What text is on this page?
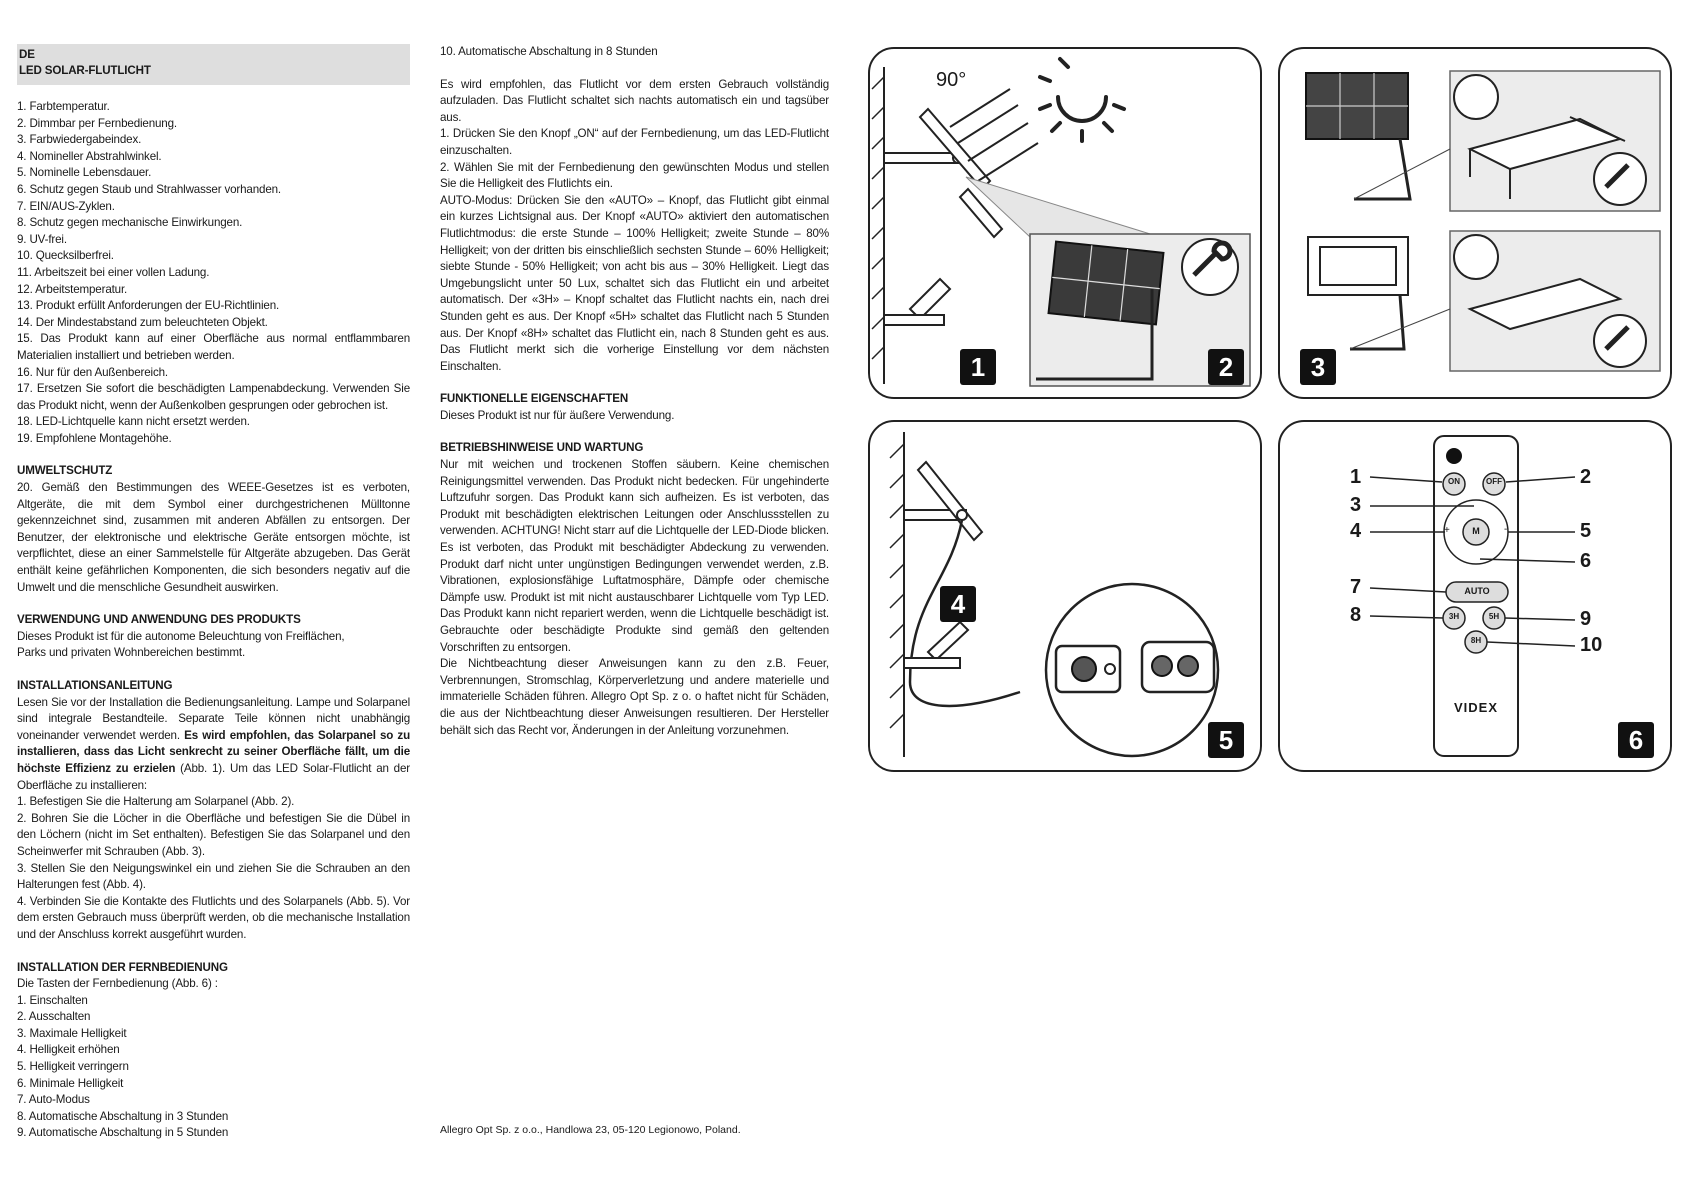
DE
LED SOLAR-FLUTLICHT
1. Farbtemperatur.
2. Dimmbar per Fernbedienung.
3. Farbwiedergabeindex.
4. Nomineller Abstrahlwinkel.
5. Nominelle Lebensdauer.
6. Schutz gegen Staub und Strahlwasser vorhanden.
7. EIN/AUS-Zyklen.
8. Schutz gegen mechanische Einwirkungen.
9. UV-frei.
10. Quecksilberfrei.
11. Arbeitszeit bei einer vollen Ladung.
12. Arbeitstemperatur.
13. Produkt erfüllt Anforderungen der EU-Richtlinien.
14. Der Mindestabstand zum beleuchteten Objekt.
15. Das Produkt kann auf einer Oberfläche aus normal entflammbaren Materialien installiert und betrieben werden.
16. Nur für den Außenbereich.
17. Ersetzen Sie sofort die beschädigten Lampenabdeckung. Verwenden Sie das Produkt nicht, wenn der Außenkolben gesprungen oder gebrochen ist.
18. LED-Lichtquelle kann nicht ersetzt werden.
19. Empfohlene Montagehöhe.
UMWELTSCHUTZ
20. Gemäß den Bestimmungen des WEEE-Gesetzes ist es verboten, Altgeräte, die mit dem Symbol einer durchgestrichenen Mülltonne gekennzeichnet sind, zusammen mit anderen Abfällen zu entsorgen. Der Benutzer, der elektronische und elektrische Geräte entsorgen möchte, ist verpflichtet, diese an einer Sammelstelle für Altgeräte abzugeben. Das Gerät enthält keine gefährlichen Komponenten, die sich besonders negativ auf die Umwelt und die menschliche Gesundheit auswirken.
VERWENDUNG UND ANWENDUNG DES PRODUKTS
Dieses Produkt ist für die autonome Beleuchtung von Freiflächen,
Parks und privaten Wohnbereichen bestimmt.
INSTALLATIONSANLEITUNG
Lesen Sie vor der Installation die Bedienungsanleitung. Lampe und Solarpanel sind integrale Bestandteile. Separate Teile können nicht unabhängig voneinander verwendet werden. Es wird empfohlen, das Solarpanel so zu installieren, dass das Licht senkrecht zu seiner Oberfläche fällt, um die höchste Effizienz zu erzielen (Abb. 1). Um das LED Solar-Flutlicht an der Oberfläche zu installieren:
1. Befestigen Sie die Halterung am Solarpanel (Abb. 2).
2. Bohren Sie die Löcher in die Oberfläche und befestigen Sie die Dübel in den Löchern (nicht im Set enthalten). Befestigen Sie das Solarpanel und den Scheinwerfer mit Schrauben (Abb. 3).
3. Stellen Sie den Neigungswinkel ein und ziehen Sie die Schrauben an den Halterungen fest (Abb. 4).
4. Verbinden Sie die Kontakte des Flutlichts und des Solarpanels (Abb. 5). Vor dem ersten Gebrauch muss überprüft werden, ob die mechanische Installation und der Anschluss korrekt ausgeführt wurden.
INSTALLATION DER FERNBEDIENUNG
Die Tasten der Fernbedienung (Abb. 6) :
1. Einschalten
2. Ausschalten
3. Maximale Helligkeit
4. Helligkeit erhöhen
5. Helligkeit verringern
6. Minimale Helligkeit
7. Auto-Modus
8. Automatische Abschaltung in 3 Stunden
9. Automatische Abschaltung in 5 Stunden
10. Automatische Abschaltung in 8 Stunden
Es wird empfohlen, das Flutlicht vor dem ersten Gebrauch vollständig aufzuladen. Das Flutlicht schaltet sich nachts automatisch ein und tagsüber aus.
1. Drücken Sie den Knopf „ON“ auf der Fernbedienung, um das LED-Flutlicht einzuschalten.
2. Wählen Sie mit der Fernbedienung den gewünschten Modus und stellen Sie die Helligkeit des Flutlichts ein.
AUTO-Modus: Drücken Sie den «AUTO» – Knopf, das Flutlicht gibt einmal ein kurzes Lichtsignal aus. Der Knopf «AUTO» aktiviert den automatischen Flutlichtmodus: die erste Stunde – 100% Helligkeit; zweite Stunde – 80% Helligkeit; von der dritten bis einschließlich sechsten Stunde – 60% Helligkeit; siebte Stunde - 50% Helligkeit; von acht bis aus – 30% Helligkeit. Liegt das Umgebungslicht unter 50 Lux, schaltet sich das Flutlicht ein und arbeitet automatisch. Der «3H» – Knopf schaltet das Flutlicht nachts ein, nach drei Stunden geht es aus. Der Knopf «5H» schaltet das Flutlicht nach 5 Stunden aus. Der Knopf «8H» schaltet das Flutlicht ein, nach 8 Stunden geht es aus. Das Flutlicht merkt sich die vorherige Einstellung vor dem nächsten Einschalten.
FUNKTIONELLE EIGENSCHAFTEN
Dieses Produkt ist nur für äußere Verwendung.
BETRIEBSHINWEISE UND WARTUNG
Nur mit weichen und trockenen Stoffen säubern. Keine chemischen Reinigungsmittel verwenden. Das Produkt nicht bedecken. Für ungehinderte Luftzufuhr sorgen. Das Produkt kann sich aufheizen. Es ist verboten, das Produkt mit beschädigten elektrischen Leitungen oder Anschlussstellen zu verwenden. ACHTUNG! Nicht starr auf die Lichtquelle der LED-Diode blicken. Es ist verboten, das Produkt mit beschädigter Abdeckung zu verwenden. Produkt darf nicht unter ungünstigen Bedingungen verwendet werden, z.B. Vibrationen, explosionsfähige Luftatmosphäre, Dämpfe oder chemische Dämpfe usw. Produkt ist mit nicht austauschbarer Lichtquelle vom Typ LED. Das Produkt kann nicht repariert werden, wenn die Lichtquelle beschädigt ist. Gebrauchte oder beschädigte Produkte sind gemäß den geltenden Vorschriften zu entsorgen.
Die Nichtbeachtung dieser Anweisungen kann zu den z.B. Feuer, Verbrennungen, Stromschlag, Körperverletzung und andere materielle und immaterielle Schäden führen. Allegro Opt Sp. z o. o haftet nicht für Schäden, die aus der Nichtbeachtung dieser Anweisungen resultieren. Der Hersteller behält sich das Recht vor, Änderungen in der Anleitung vorzunehmen.
Allegro Opt Sp. z o.o., Handlowa 23, 05-120 Legionowo, Poland.
1	2
90°
3
4
5
ON	OFF
M
+	-
AUTO
3H	5H
8H
VIDEX
1	2
3
4	5
6
7
8	9
10
6
